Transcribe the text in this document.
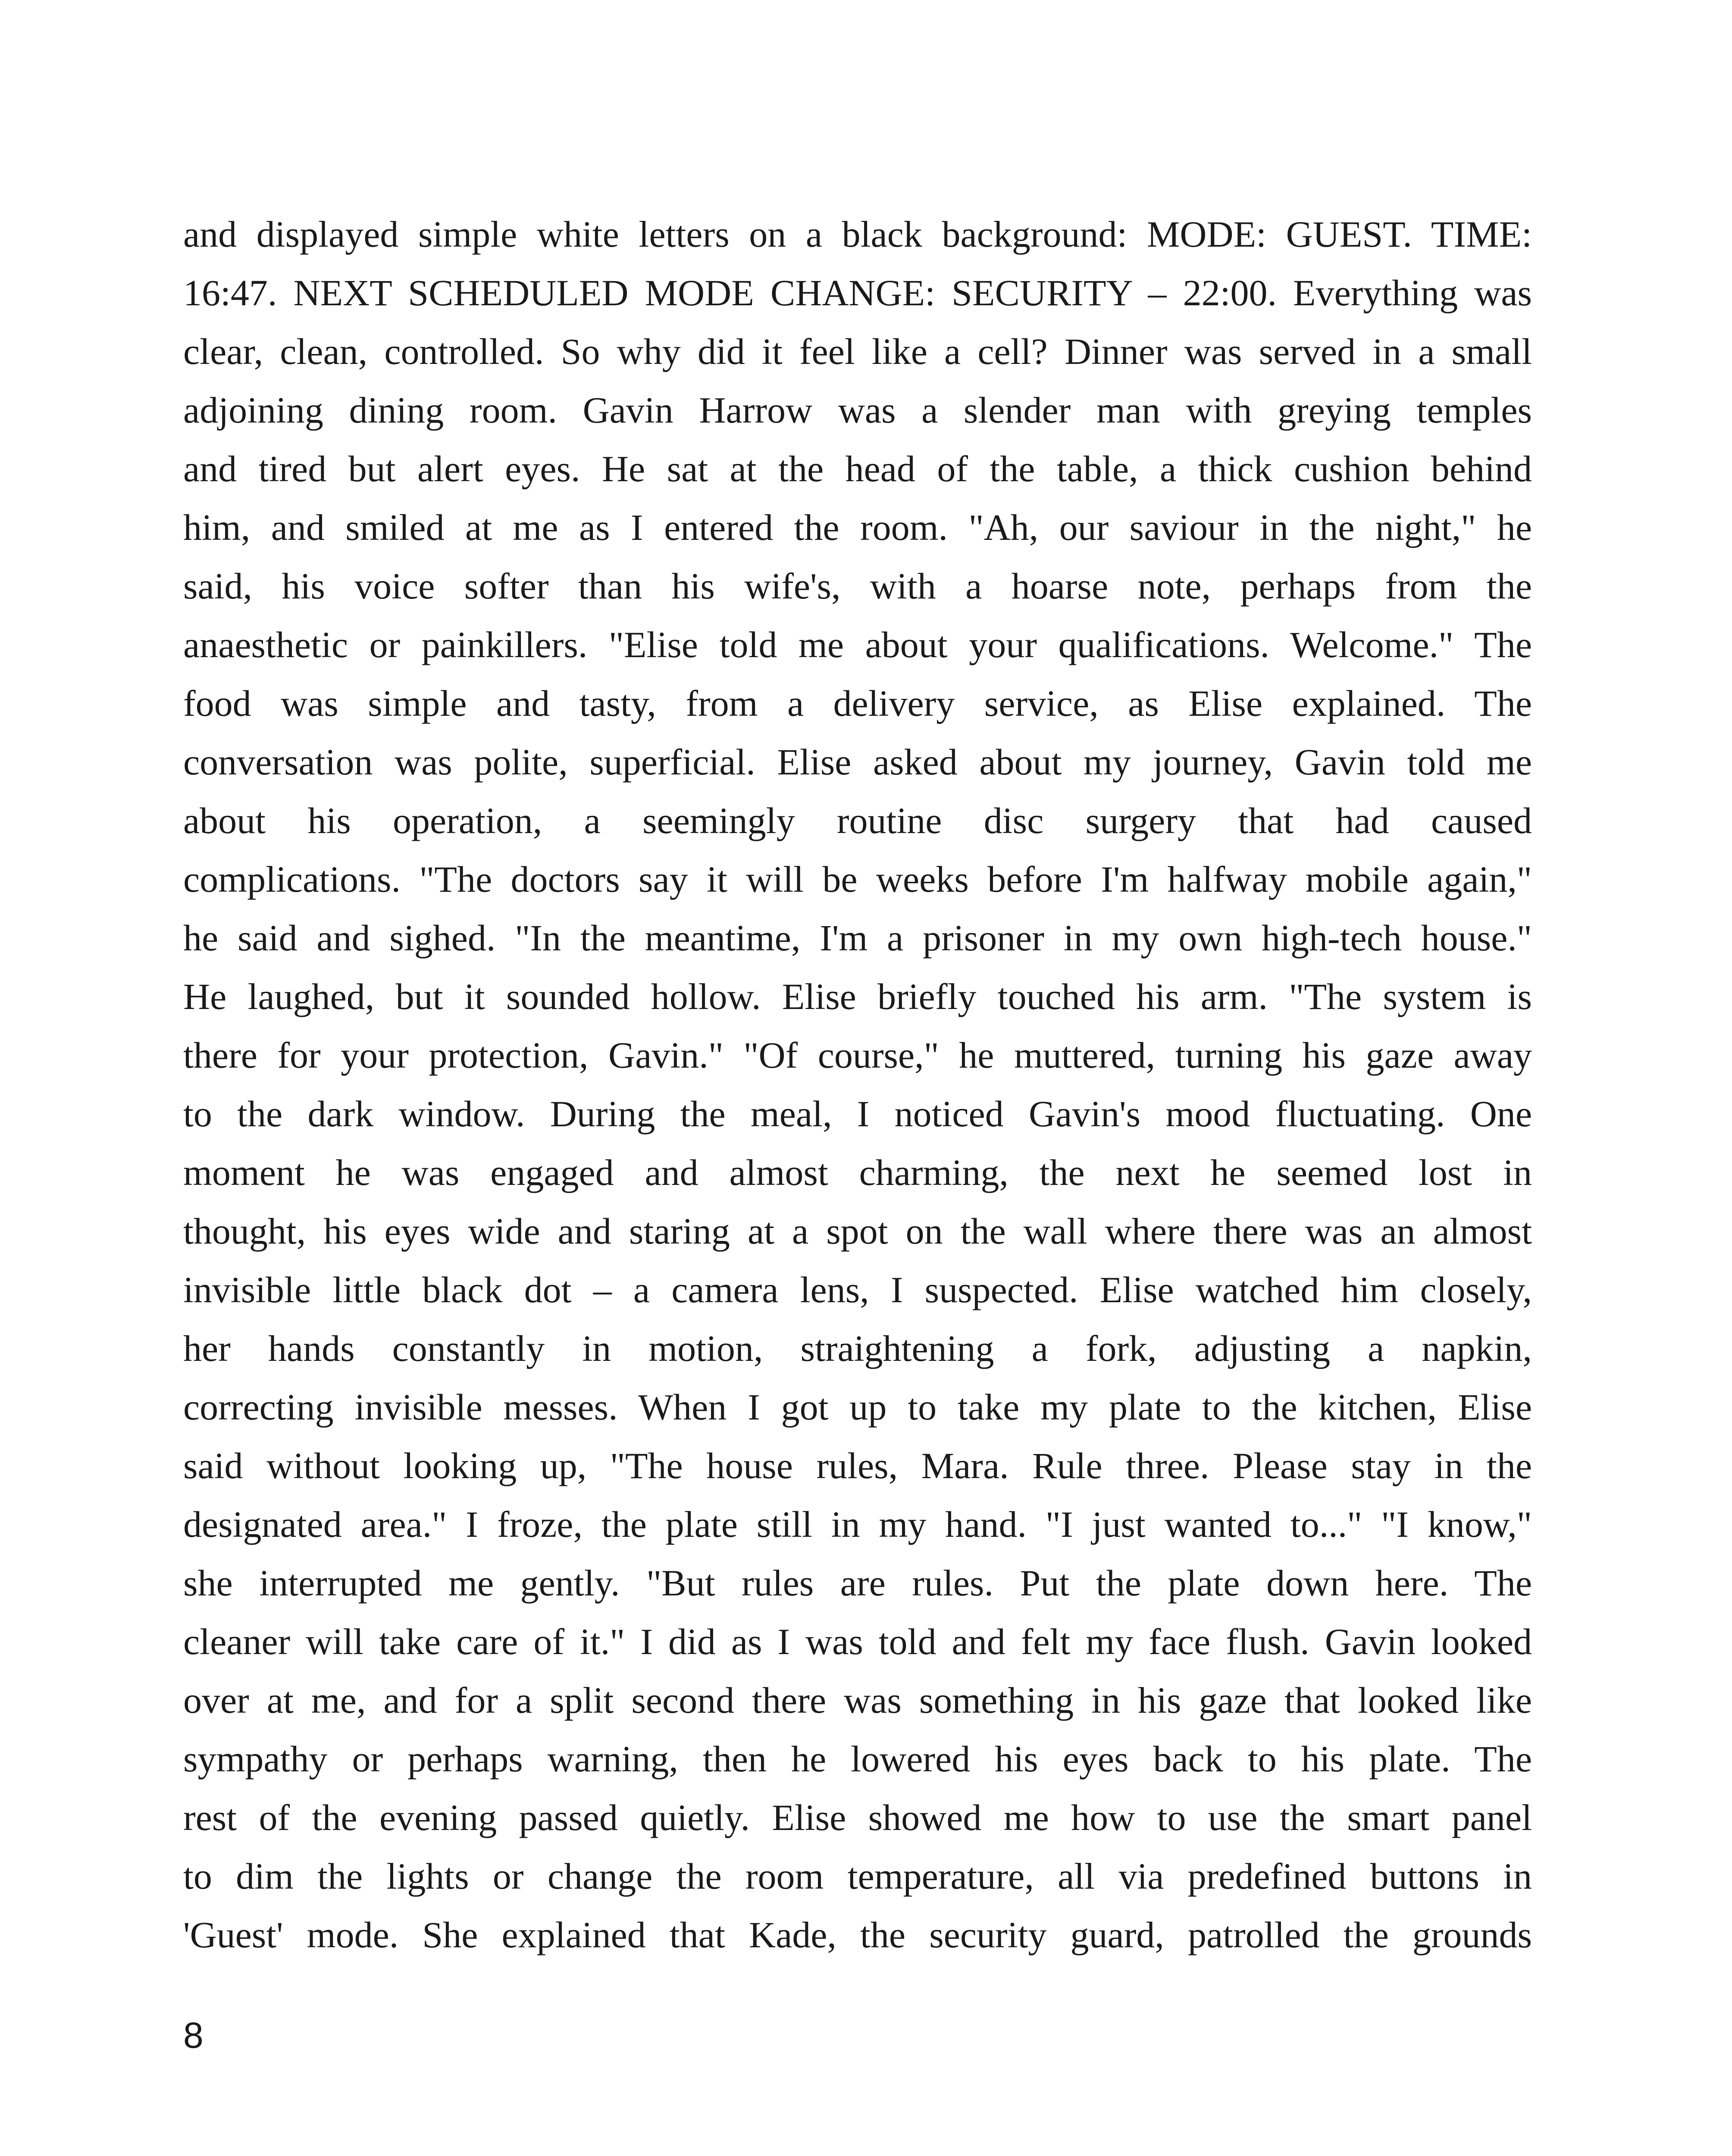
and displayed simple white letters on a black background: MODE: GUEST. TIME:
16:47. NEXT SCHEDULED MODE CHANGE: SECURITY – 22:00. Everything was
clear, clean, controlled. So why did it feel like a cell? Dinner was served in a small
adjoining dining room. Gavin Harrow was a slender man with greying temples
and tired but alert eyes. He sat at the head of the table, a thick cushion behind
him, and smiled at me as I entered the room. "Ah, our saviour in the night," he
said, his voice softer than his wife's, with a hoarse note, perhaps from the
anaesthetic or painkillers. "Elise told me about your qualifications. Welcome." The
food was simple and tasty, from a delivery service, as Elise explained. The
conversation was polite, superficial. Elise asked about my journey, Gavin told me
about his operation, a seemingly routine disc surgery that had caused
complications. "The doctors say it will be weeks before I'm halfway mobile again,"
he said and sighed. "In the meantime, I'm a prisoner in my own high-tech house."
He laughed, but it sounded hollow. Elise briefly touched his arm. "The system is
there for your protection, Gavin." "Of course," he muttered, turning his gaze away
to the dark window. During the meal, I noticed Gavin's mood fluctuating. One
moment he was engaged and almost charming, the next he seemed lost in
thought, his eyes wide and staring at a spot on the wall where there was an almost
invisible little black dot – a camera lens, I suspected. Elise watched him closely,
her hands constantly in motion, straightening a fork, adjusting a napkin,
correcting invisible messes. When I got up to take my plate to the kitchen, Elise
said without looking up, "The house rules, Mara. Rule three. Please stay in the
designated area." I froze, the plate still in my hand. "I just wanted to..." "I know,"
she interrupted me gently. "But rules are rules. Put the plate down here. The
cleaner will take care of it." I did as I was told and felt my face flush. Gavin looked
over at me, and for a split second there was something in his gaze that looked like
sympathy or perhaps warning, then he lowered his eyes back to his plate. The
rest of the evening passed quietly. Elise showed me how to use the smart panel
to dim the lights or change the room temperature, all via predefined buttons in
'Guest' mode. She explained that Kade, the security guard, patrolled the grounds
8
